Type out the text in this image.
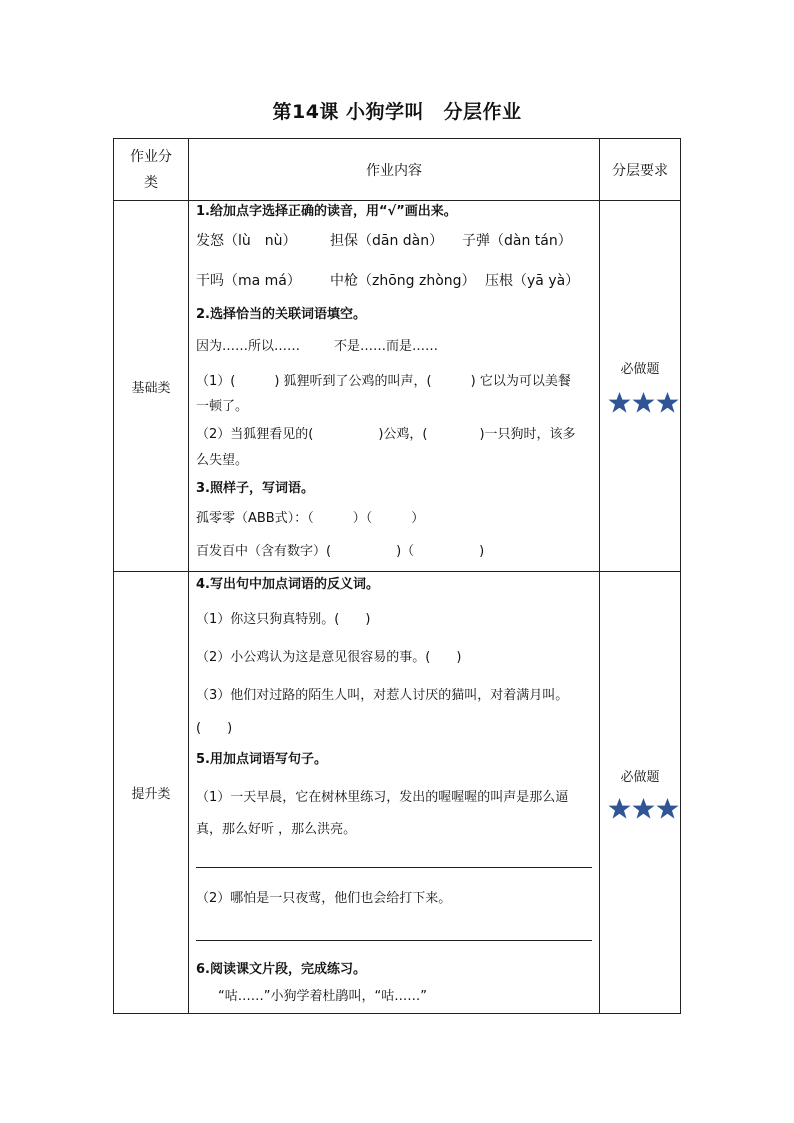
第14课 小狗学叫　分层作业
作业分
类
作业内容	分层要求
基础类
必做题
提升类
必做题
1.给加点字选择正确的读音，用“√”画出来。
发怒（lù　nù） 担保（dān dàn） 子弹（dàn tán）
干吗（ma má） 中枪（zhōng zhòng） 压根（yā yà）
2.选择恰当的关联词语填空。
因为……所以……	不是……而是……
（1）(　　　) 狐狸听到了公鸡的叫声，(　　　) 它以为可以美餐
一顿了。
（2）当狐狸看见的(　　　　　)公鸡，(　　　　)一只狗时，该多
么失望。
3.照样子，写词语。
孤零零（ABB式）：（　　　）（　　　）
百发百中（含有数字）(　　　　　)（　　　　　)
4.写出句中加点词语的反义词。
（1）你这只狗真特别。(　　)
（2）小公鸡认为这是意见很容易的事。(　　)
（3）他们对过路的陌生人叫，对惹人讨厌的猫叫，对着满月叫。
(　　)
5.用加点词语写句子。
（1）一天早晨，它在树林里练习，发出的喔喔喔的叫声是那么逼
真，那么好听 ，那么洪亮。
（2）哪怕是一只夜莺，他们也会给打下来。
6.阅读课文片段，完成练习。
“咕……”小狗学着杜鹃叫，“咕……”
